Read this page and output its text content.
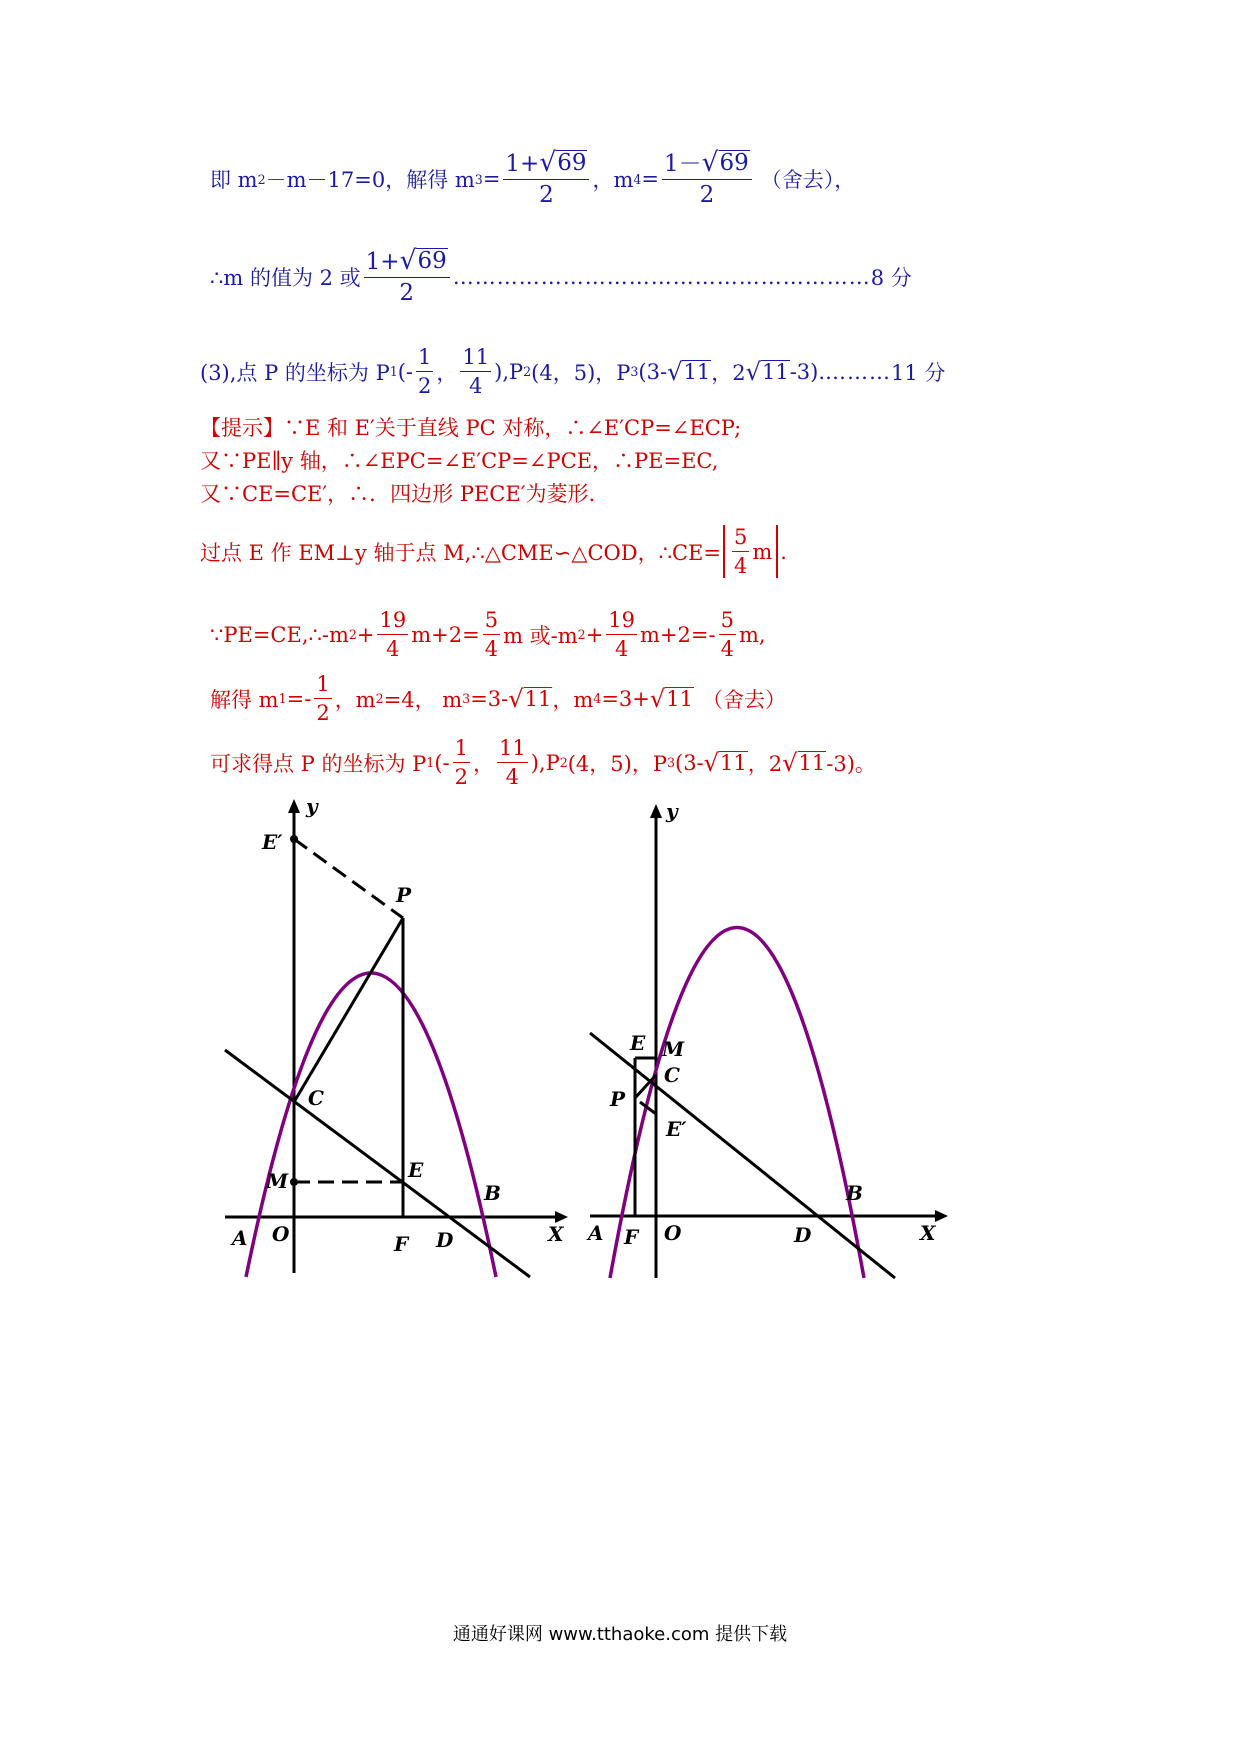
即 m 2 －m－17=0，解得 m $3 = \frac{1+ √ 69}{2}$ ，m $4 = \frac{1- √ 69}{2}$ （舍去），
∴m 的值为 2 或 $\frac{1+ √ 69}{2}$ ………………………………………………… 8 分
(3),点 P 的坐标为 P 1 (- $\frac{1}{2}$ ， $\frac{11}{4} ),P$ 2 (4，5)，P 3 (3- √ 11 ，2 √ 11 -3). ……… 11 分
【提示】∵E 和 E′关于直线 PC 对称，∴∠E′CP=∠ECP;
又∵PE∥y 轴，∴∠EPC=∠E′CP=∠PCE，∴PE=EC,
又∵CE=CE′，∴．四边形 PECE′为菱形.
过点 E 作 EM⊥y 轴于点 M,∴△CME∽△COD，∴CE= $\frac{5}{4}$ m .
∵PE=CE,∴-m $2 + \frac{19}{4} m+2= \frac{5}{4}$ m 或-m $2 + \frac{19}{4} m+2=- \frac{5}{4} m$,
解得 m $1 =- \frac{1}{2}$ ，m 2 =4， m 3 =3- √ 11 ，m 4 =3+ √ 11 （舍去）
可求得点 P 的坐标为 P 1 (- $\frac{1}{2}$ ， $\frac{11}{4} ),P$ 2 (4，5)，P 3 (3- √ 11 ，2 √ 11 -3)。
y
X
E′
P
C
M	E
A O	F D
B
y
X
E M
C
P
E′
A F O	D
B
通通好课网 www.tthaoke.com 提供下载
